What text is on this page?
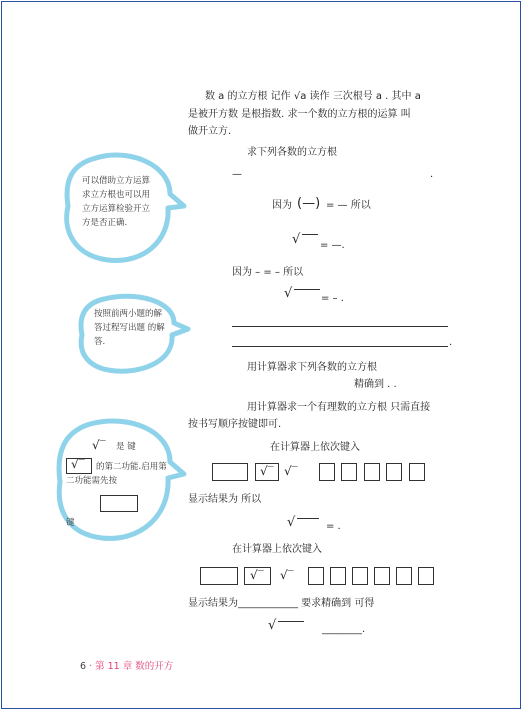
数 a 的立方根 记作 √a 读作 三次根号 a . 其中 a
是被开方数 是根指数. 求一个数的立方根的运算 叫
做开立方.
求下列各数的立方根
—	.
因为 (—) = — 所以
√ = —.
因为 – = – 所以
√	= – .
.
用计算器求下列各数的立方根
精确到 . .
用计算器求一个有理数的立方根 只需直接
按书写顺序按键即可.
在计算器上依次键入
√‾ √‾
显示结果为 所以
√	= .
在计算器上依次键入
√‾ √‾
显示结果为____________ 要求精确到 可得
√	________.
可以借助立方运算求立方根也可以用立方运算检验开立方是否正确.
按照前两小题的解答过程写出题 的解答.
√‾ 是 键
√‾	的第二功能.启用第二功能需先按
键
6 · 第 11 章 数的开方
